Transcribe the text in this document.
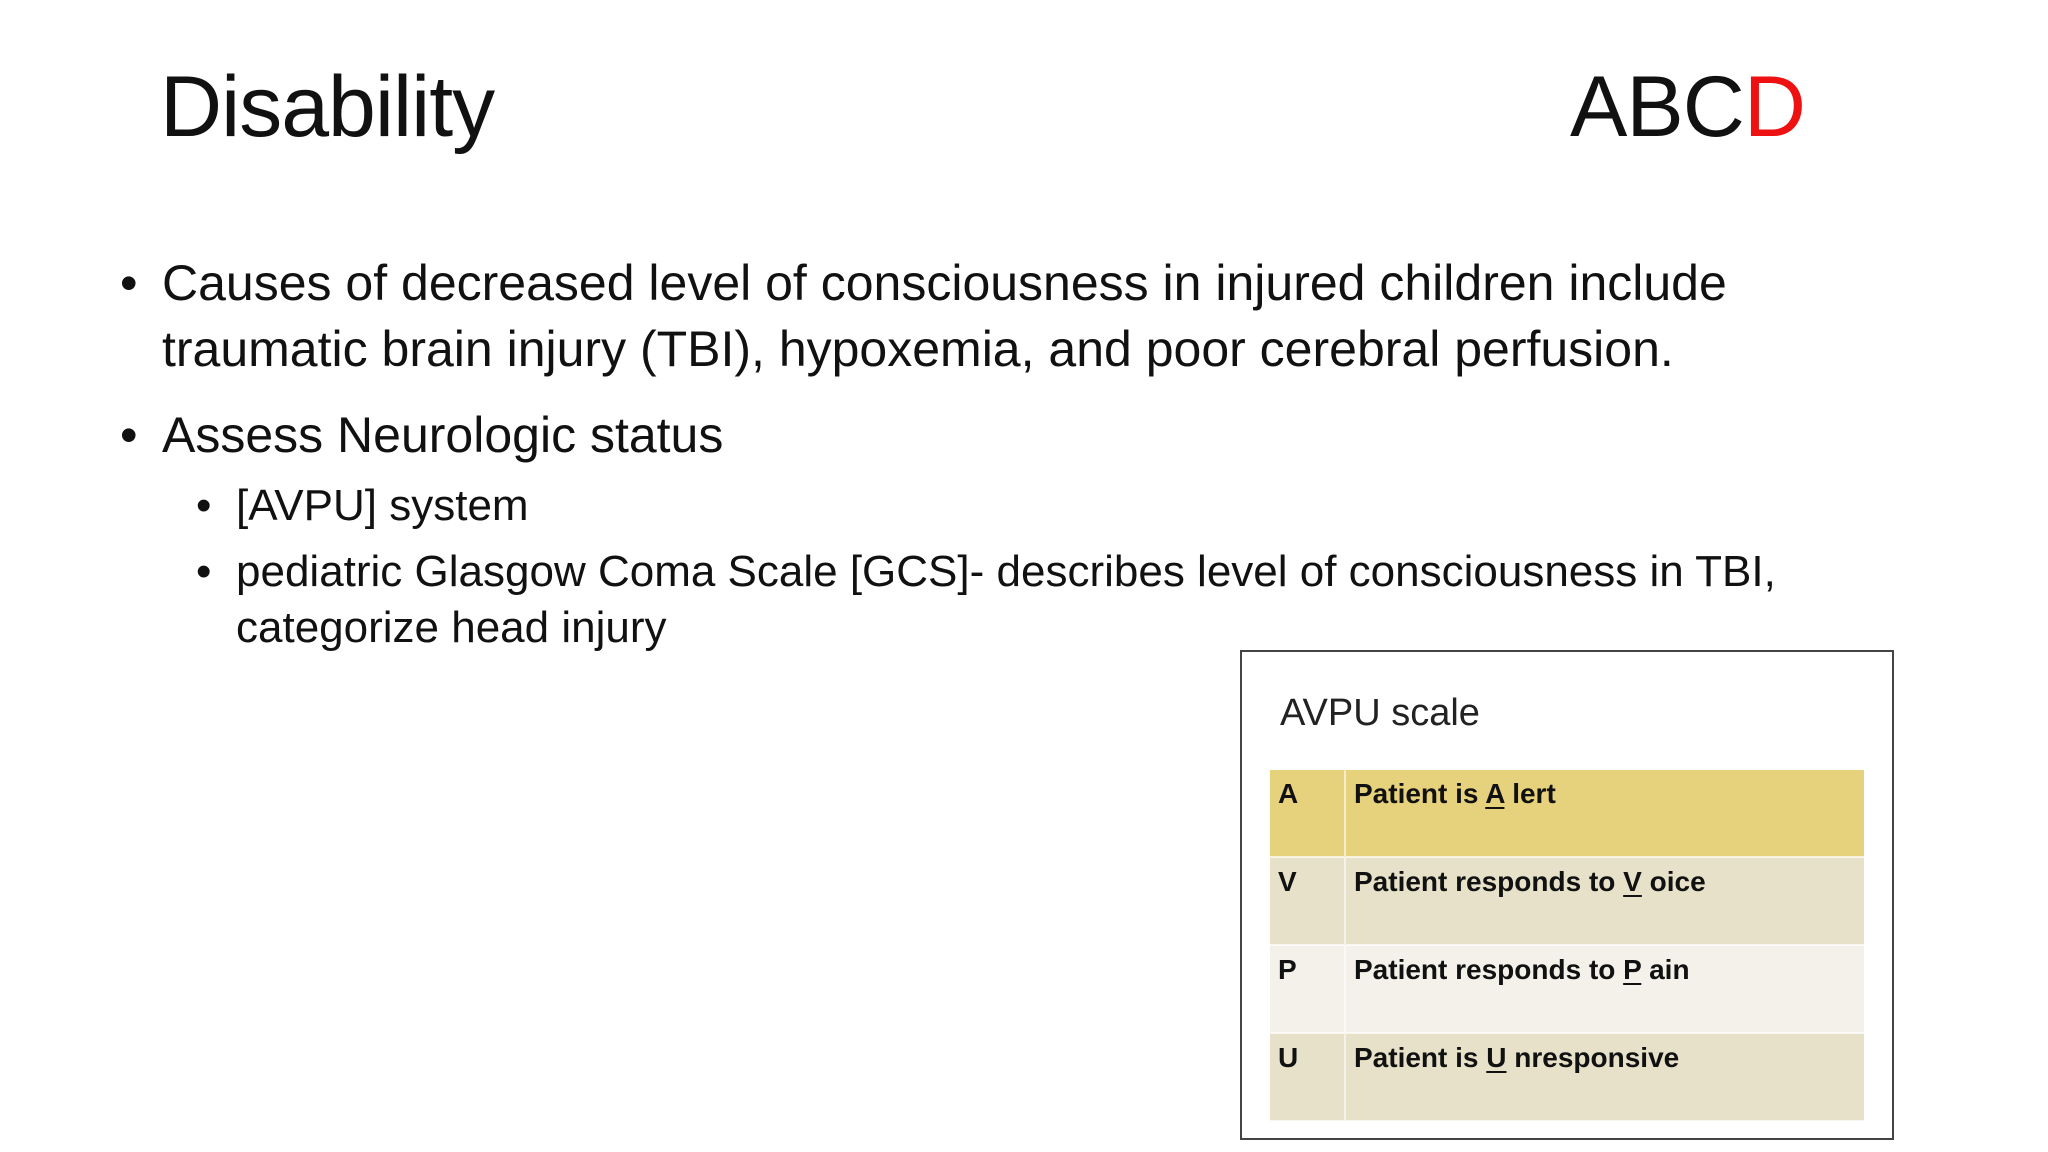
Disability	ABCD
• Causes of decreased level of consciousness in injured children include traumatic brain injury (TBI), hypoxemia, and poor cerebral perfusion.
• Assess Neurologic status
• [AVPU] system
• pediatric Glasgow Coma Scale [GCS]- describes level of consciousness in TBI, categorize head injury
AVPU scale
A	Patient is A lert
V	Patient responds to V oice
P	Patient responds to P ain
U	Patient is U nresponsive
